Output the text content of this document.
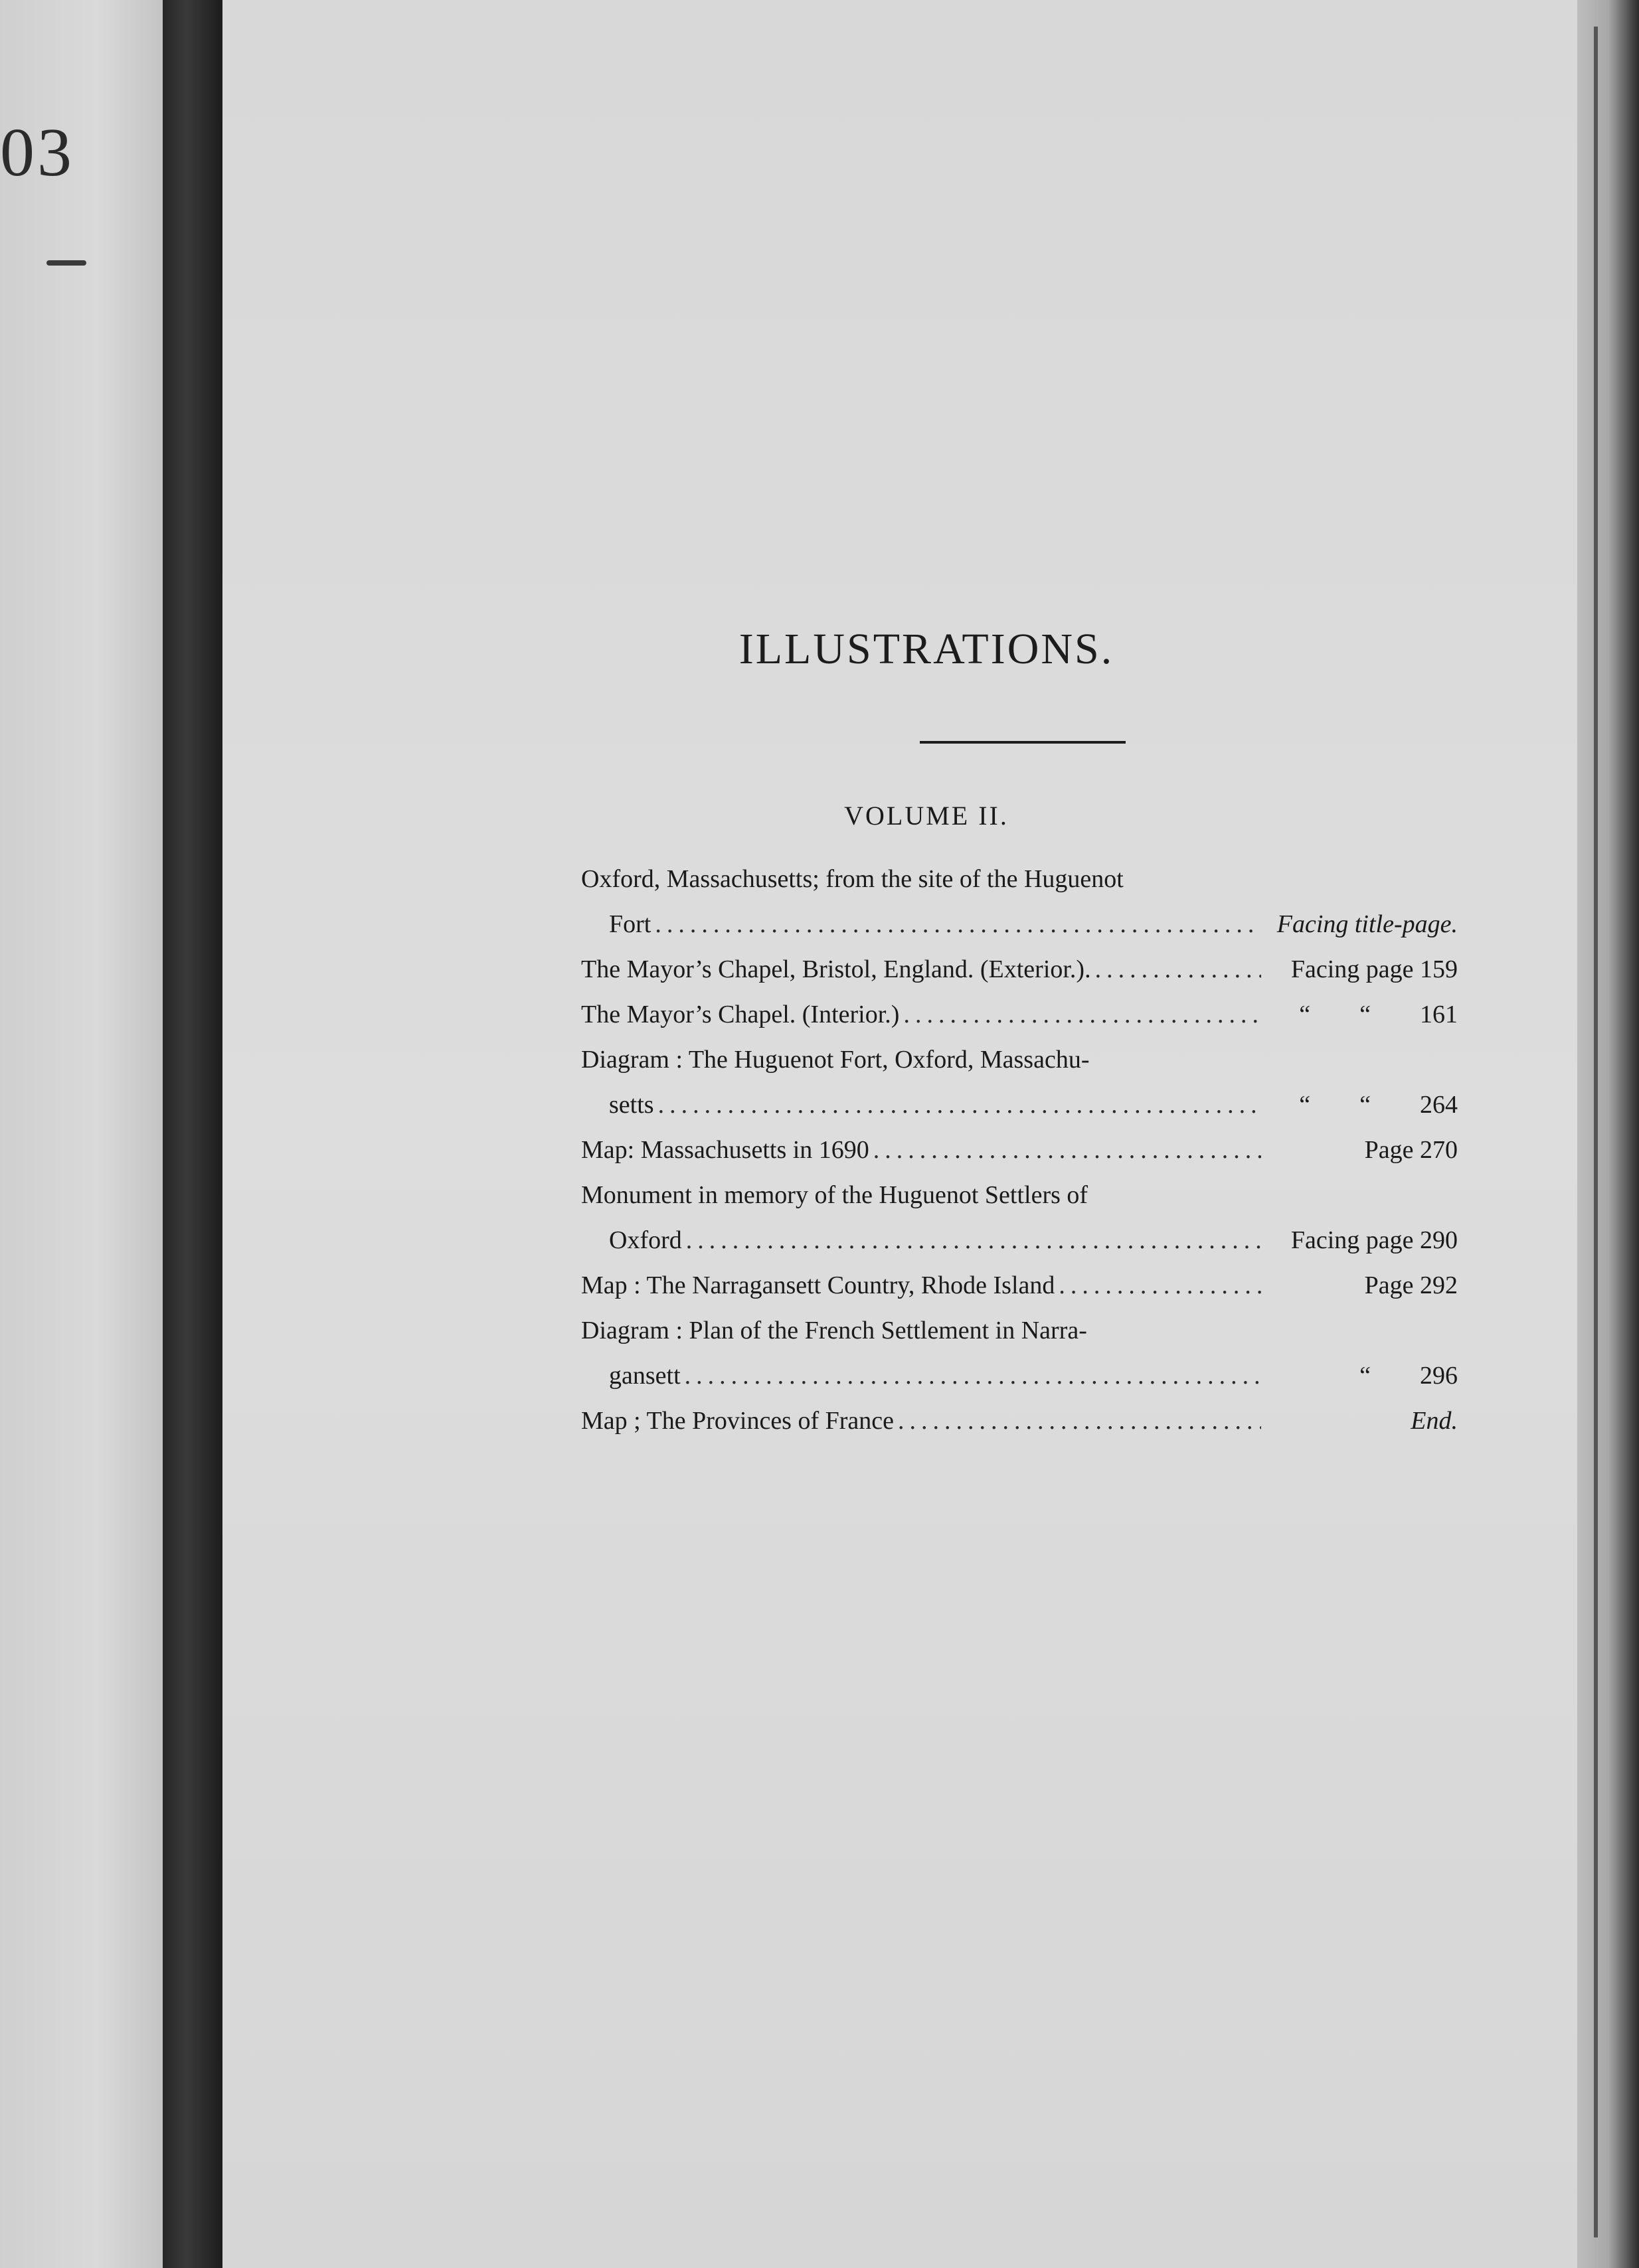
03
ILLUSTRATIONS.
VOLUME II.
Oxford, Massachusetts; from the site of the Huguenot
Fort .....	Facing title-page.
The Mayor’s Chapel, Bristol, England. (Exterior.). .....	Facing page 159
The Mayor’s Chapel. (Interior.) .....	“ “ 161
Diagram : The Huguenot Fort, Oxford, Massachu-
setts .....	“ “ 264
Map: Massachusetts in 1690 .....	Page 270
Monument in memory of the Huguenot Settlers of
Oxford .....	Facing page 290
Map : The Narragansett Country, Rhode Island .....	Page 292
Diagram : Plan of the French Settlement in Narra-
gansett .....	“ 296
Map ; The Provinces of France .....	End.
